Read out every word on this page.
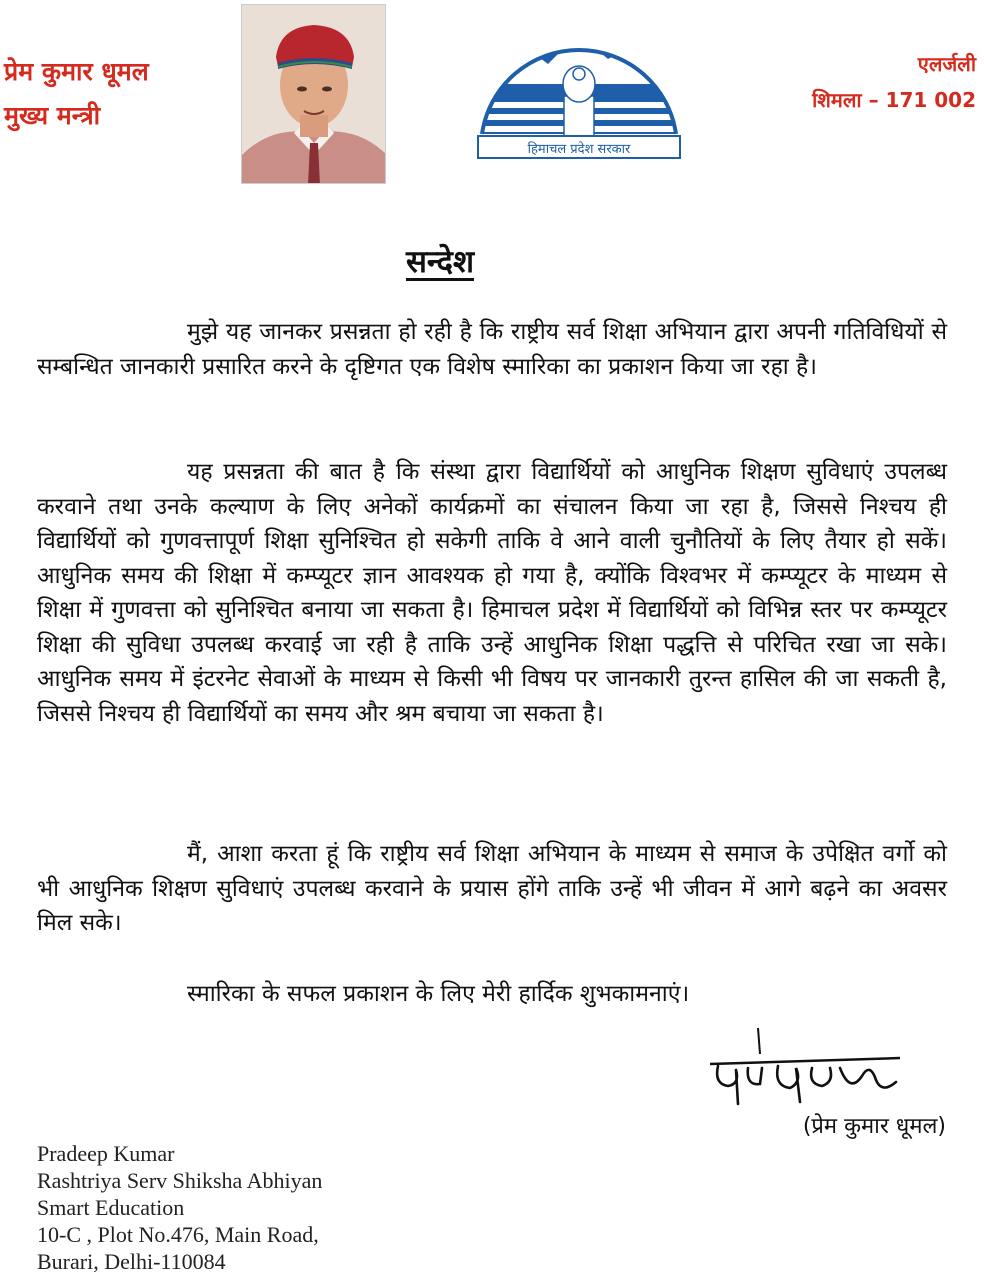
प्रेम कुमार धूमल
मुख्य मन्त्री
हिमाचल प्रदेश सरकार
एलर्जली
शिमला – 171 002
सन्देश

मुझे यह जानकर प्रसन्नता हो रही है कि राष्ट्रीय सर्व शिक्षा अभियान द्वारा अपनी गतिविधियों से सम्बन्धित जानकारी प्रसारित करने के दृष्टिगत एक विशेष स्मारिका का प्रकाशन किया जा रहा है।

यह प्रसन्नता की बात है कि संस्था द्वारा विद्यार्थियों को आधुनिक शिक्षण सुविधाएं उपलब्ध करवाने तथा उनके कल्याण के लिए अनेकों कार्यक्रमों का संचालन किया जा रहा है, जिससे निश्चय ही विद्यार्थियों को गुणवत्तापूर्ण शिक्षा सुनिश्चित हो सकेगी ताकि वे आने वाली चुनौतियों के लिए तैयार हो सकें। आधुनिक समय की शिक्षा में कम्प्यूटर ज्ञान आवश्यक हो गया है, क्योंकि विश्वभर में कम्प्यूटर के माध्यम से शिक्षा में गुणवत्ता को सुनिश्चित बनाया जा सकता है। हिमाचल प्रदेश में विद्यार्थियों को विभिन्न स्तर पर कम्प्यूटर शिक्षा की सुविधा उपलब्ध करवाई जा रही है ताकि उन्हें आधुनिक शिक्षा पद्धत्ति से परिचित रखा जा सके। आधुनिक समय में इंटरनेट सेवाओं के माध्यम से किसी भी विषय पर जानकारी तुरन्त हासिल की जा सकती है, जिससे निश्चय ही विद्यार्थियों का समय और श्रम बचाया जा सकता है।

मैं, आशा करता हूं कि राष्ट्रीय सर्व शिक्षा अभियान के माध्यम से समाज के उपेक्षित वर्गो को भी आधुनिक शिक्षण सुविधाएं उपलब्ध करवाने के प्रयास होंगे ताकि उन्हें भी जीवन में आगे बढ़ने का अवसर मिल सके।

स्मारिका के सफल प्रकाशन के लिए मेरी हार्दिक शुभकामनाएं।

(प्रेम कुमार धूमल)
Pradeep Kumar
Rashtriya Serv Shiksha Abhiyan
Smart Education
10-C , Plot No.476, Main Road,
Burari, Delhi-110084
